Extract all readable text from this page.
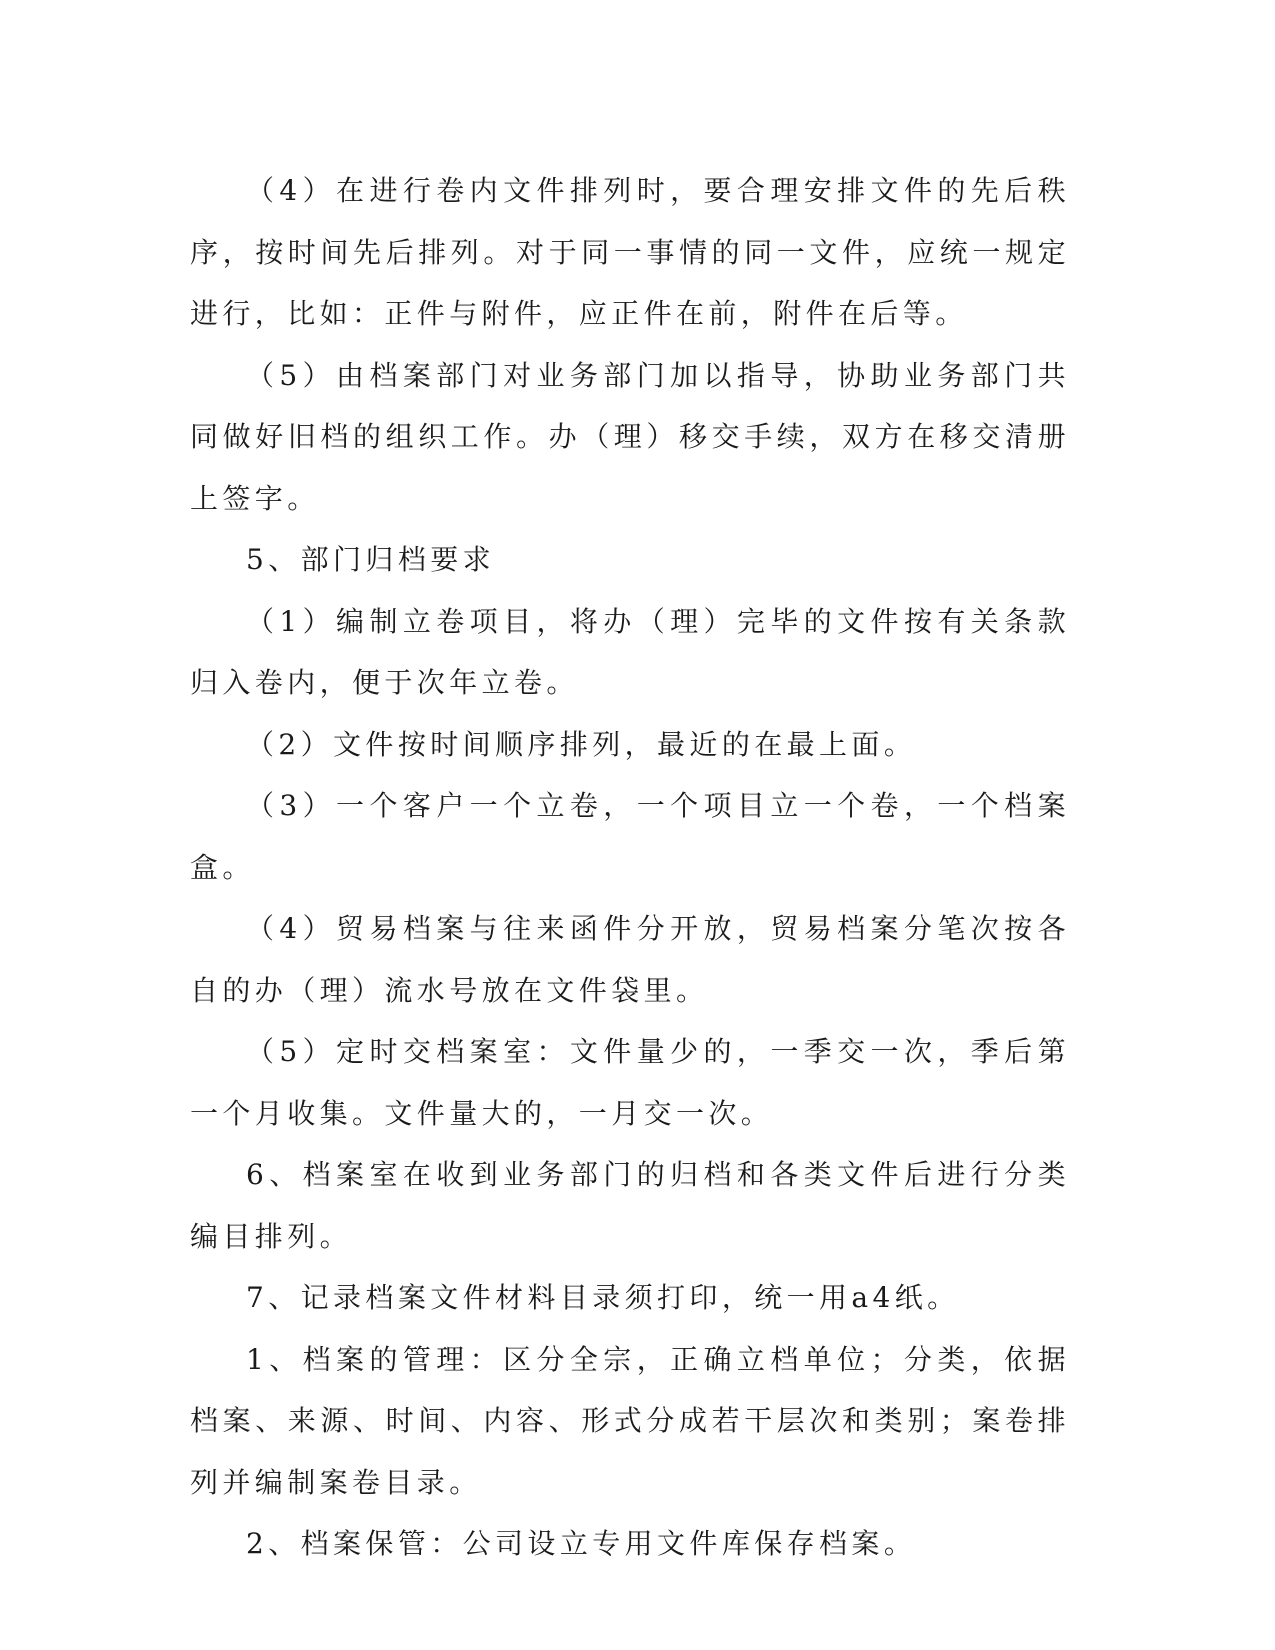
（4）在进行卷内文件排列时，要合理安排文件的先后秩序，按时间先后排列。对于同一事情的同一文件，应统一规定进行，比如：正件与附件，应正件在前，附件在后等。

（5）由档案部门对业务部门加以指导，协助业务部门共同做好旧档的组织工作。办（理）移交手续，双方在移交清册上签字。

5、部门归档要求

（1）编制立卷项目，将办（理）完毕的文件按有关条款归入卷内，便于次年立卷。

（2）文件按时间顺序排列，最近的在最上面。

（3）一个客户一个立卷，一个项目立一个卷，一个档案盒。

（4）贸易档案与往来函件分开放，贸易档案分笔次按各自的办（理）流水号放在文件袋里。

（5）定时交档案室：文件量少的，一季交一次，季后第一个月收集。文件量大的，一月交一次。

6、档案室在收到业务部门的归档和各类文件后进行分类编目排列。

7、记录档案文件材料目录须打印，统一用a4纸。

1、档案的管理：区分全宗，正确立档单位；分类，依据档案、来源、时间、内容、形式分成若干层次和类别；案卷排列并编制案卷目录。

2、档案保管：公司设立专用文件库保存档案。
